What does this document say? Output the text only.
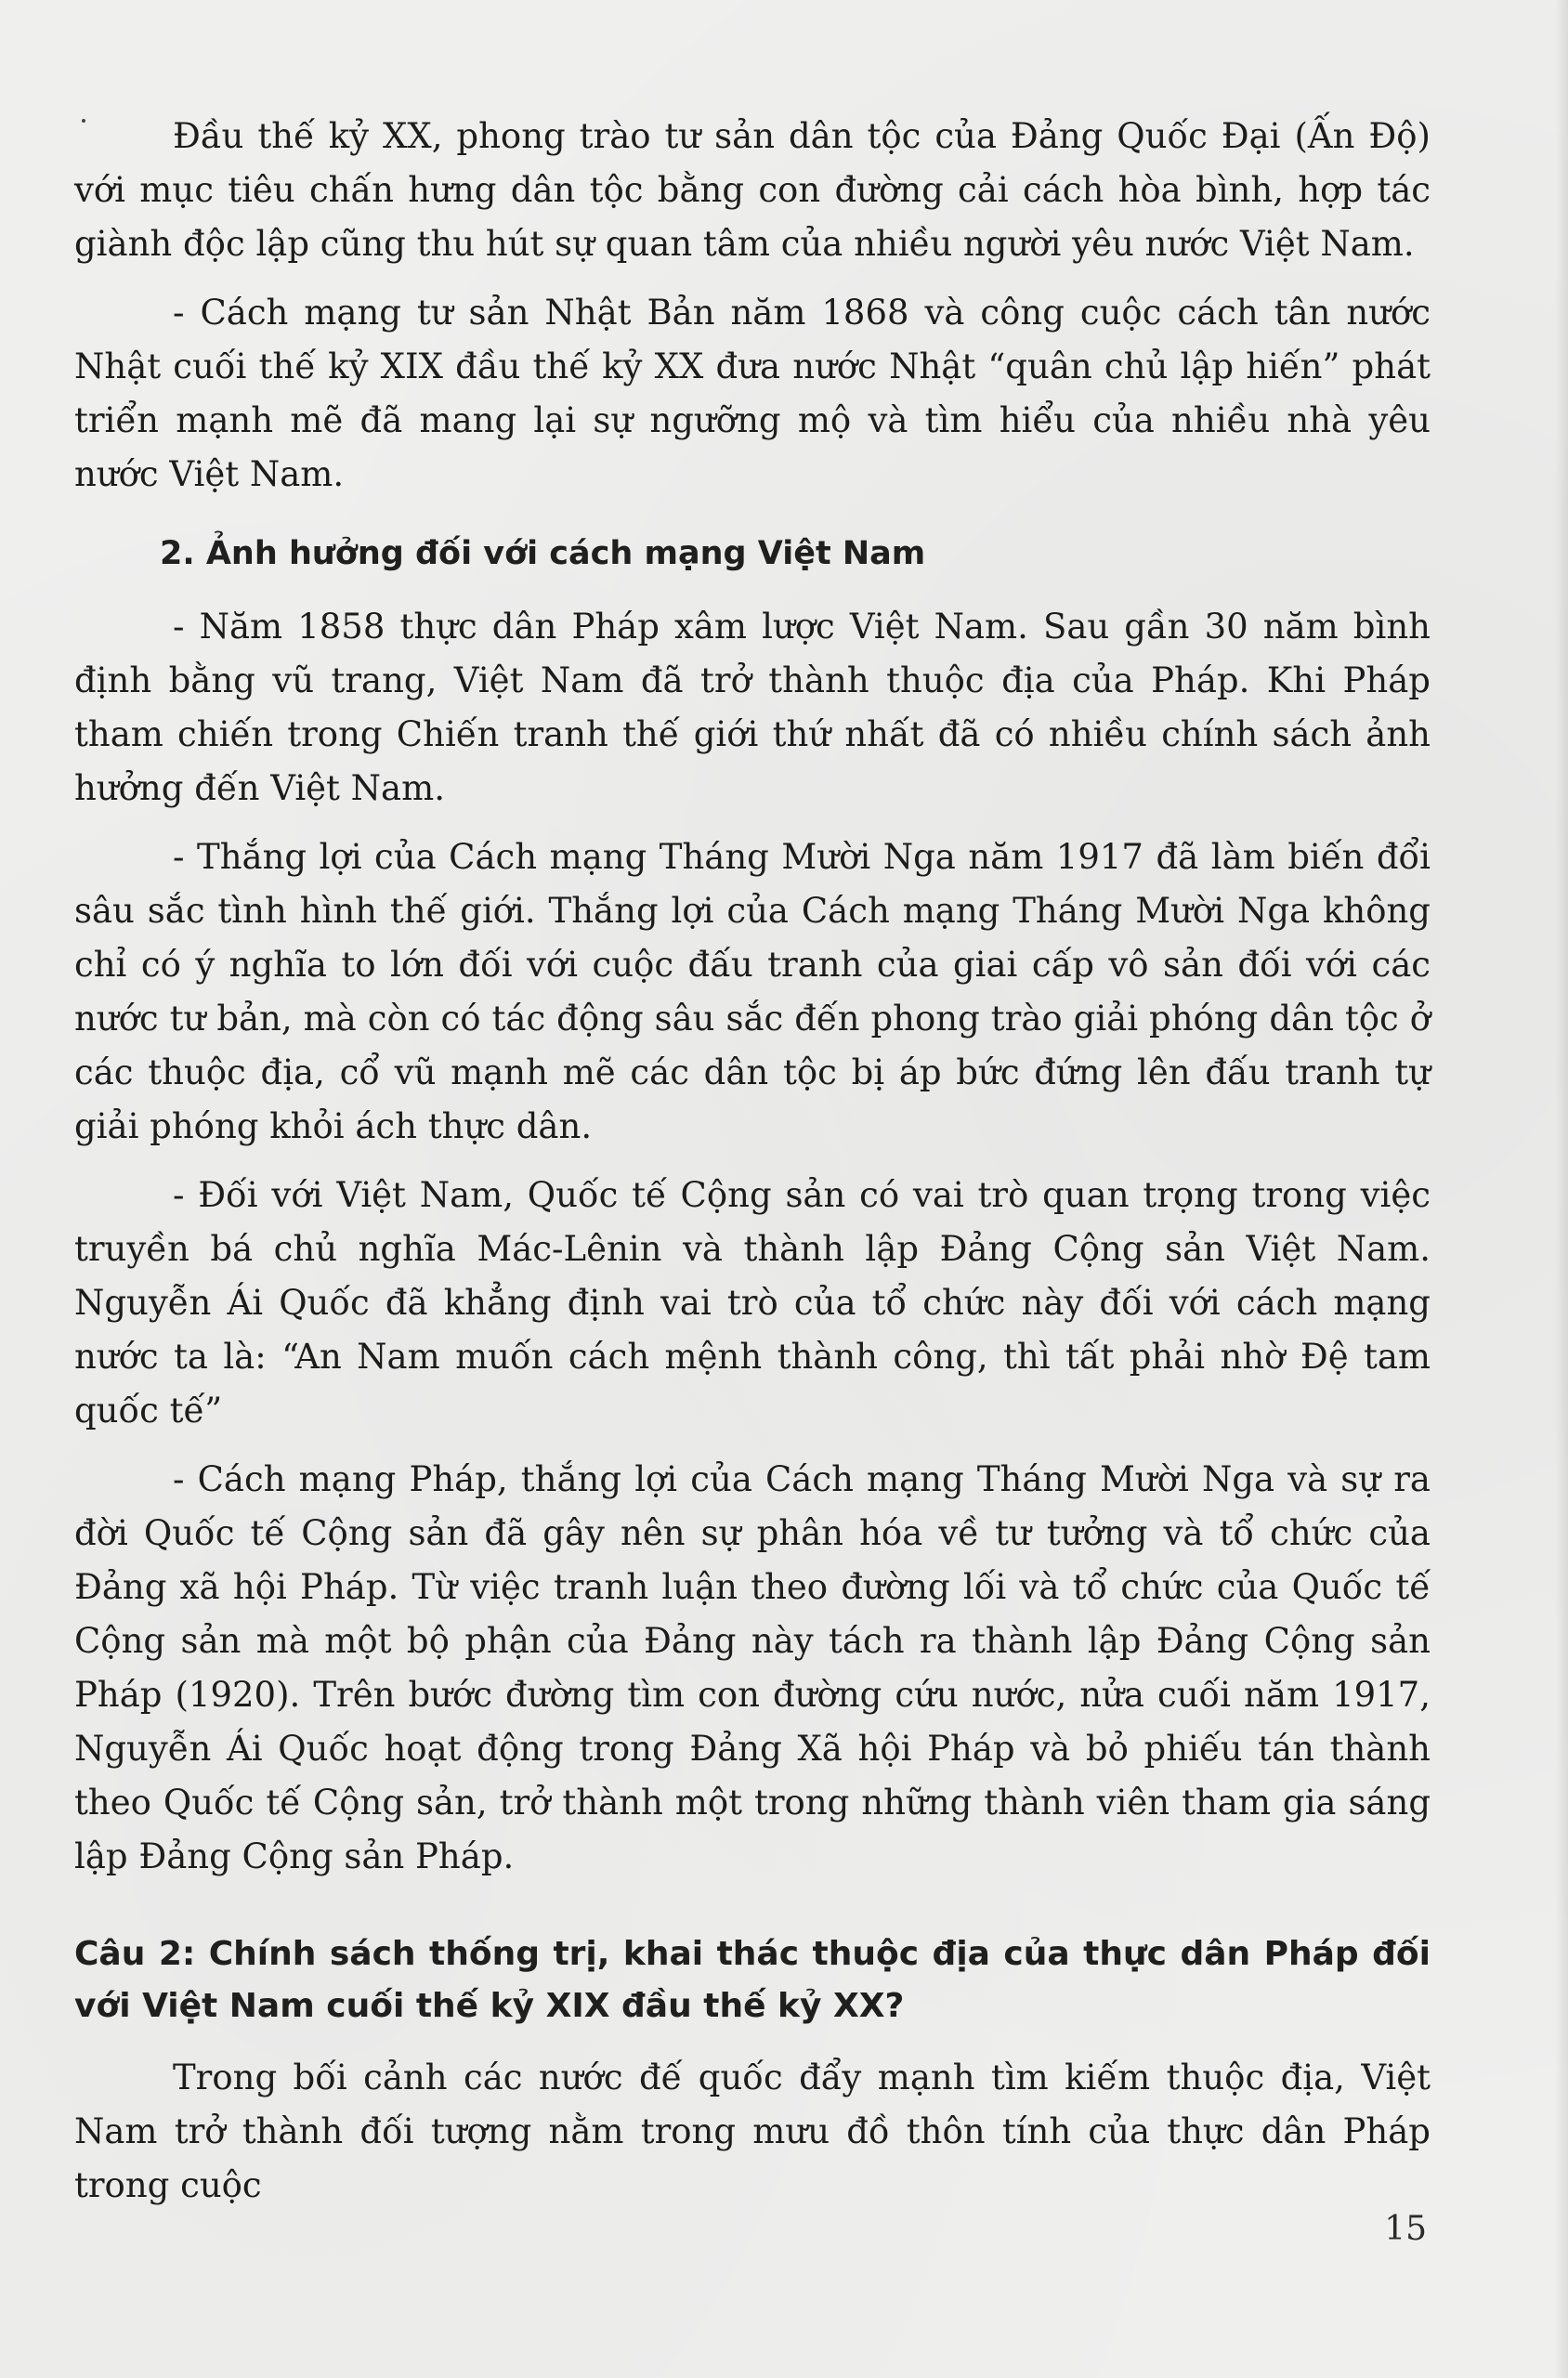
Đầu thế kỷ XX, phong trào tư sản dân tộc của Đảng Quốc Đại (Ấn Độ) với mục tiêu chấn hưng dân tộc bằng con đường cải cách hòa bình, hợp tác giành độc lập cũng thu hút sự quan tâm của nhiều người yêu nước Việt Nam.

- Cách mạng tư sản Nhật Bản năm 1868 và công cuộc cách tân nước Nhật cuối thế kỷ XIX đầu thế kỷ XX đưa nước Nhật “quân chủ lập hiến” phát triển mạnh mẽ đã mang lại sự ngưỡng mộ và tìm hiểu của nhiều nhà yêu nước Việt Nam.

2. Ảnh hưởng đối với cách mạng Việt Nam

- Năm 1858 thực dân Pháp xâm lược Việt Nam. Sau gần 30 năm bình định bằng vũ trang, Việt Nam đã trở thành thuộc địa của Pháp. Khi Pháp tham chiến trong Chiến tranh thế giới thứ nhất đã có nhiều chính sách ảnh hưởng đến Việt Nam.

- Thắng lợi của Cách mạng Tháng Mười Nga năm 1917 đã làm biến đổi sâu sắc tình hình thế giới. Thắng lợi của Cách mạng Tháng Mười Nga không chỉ có ý nghĩa to lớn đối với cuộc đấu tranh của giai cấp vô sản đối với các nước tư bản, mà còn có tác động sâu sắc đến phong trào giải phóng dân tộc ở các thuộc địa, cổ vũ mạnh mẽ các dân tộc bị áp bức đứng lên đấu tranh tự giải phóng khỏi ách thực dân.

- Đối với Việt Nam, Quốc tế Cộng sản có vai trò quan trọng trong việc truyền bá chủ nghĩa Mác-Lênin và thành lập Đảng Cộng sản Việt Nam. Nguyễn Ái Quốc đã khẳng định vai trò của tổ chức này đối với cách mạng nước ta là: “An Nam muốn cách mệnh thành công, thì tất phải nhờ Đệ tam quốc tế”

- Cách mạng Pháp, thắng lợi của Cách mạng Tháng Mười Nga và sự ra đời Quốc tế Cộng sản đã gây nên sự phân hóa về tư tưởng và tổ chức của Đảng xã hội Pháp. Từ việc tranh luận theo đường lối và tổ chức của Quốc tế Cộng sản mà một bộ phận của Đảng này tách ra thành lập Đảng Cộng sản Pháp (1920). Trên bước đường tìm con đường cứu nước, nửa cuối năm 1917, Nguyễn Ái Quốc hoạt động trong Đảng Xã hội Pháp và bỏ phiếu tán thành theo Quốc tế Cộng sản, trở thành một trong những thành viên tham gia sáng lập Đảng Cộng sản Pháp.

Câu 2: Chính sách thống trị, khai thác thuộc địa của thực dân Pháp đối với Việt Nam cuối thế kỷ XIX đầu thế kỷ XX?

Trong bối cảnh các nước đế quốc đẩy mạnh tìm kiếm thuộc địa, Việt Nam trở thành đối tượng nằm trong mưu đồ thôn tính của thực dân Pháp trong cuộc

15
